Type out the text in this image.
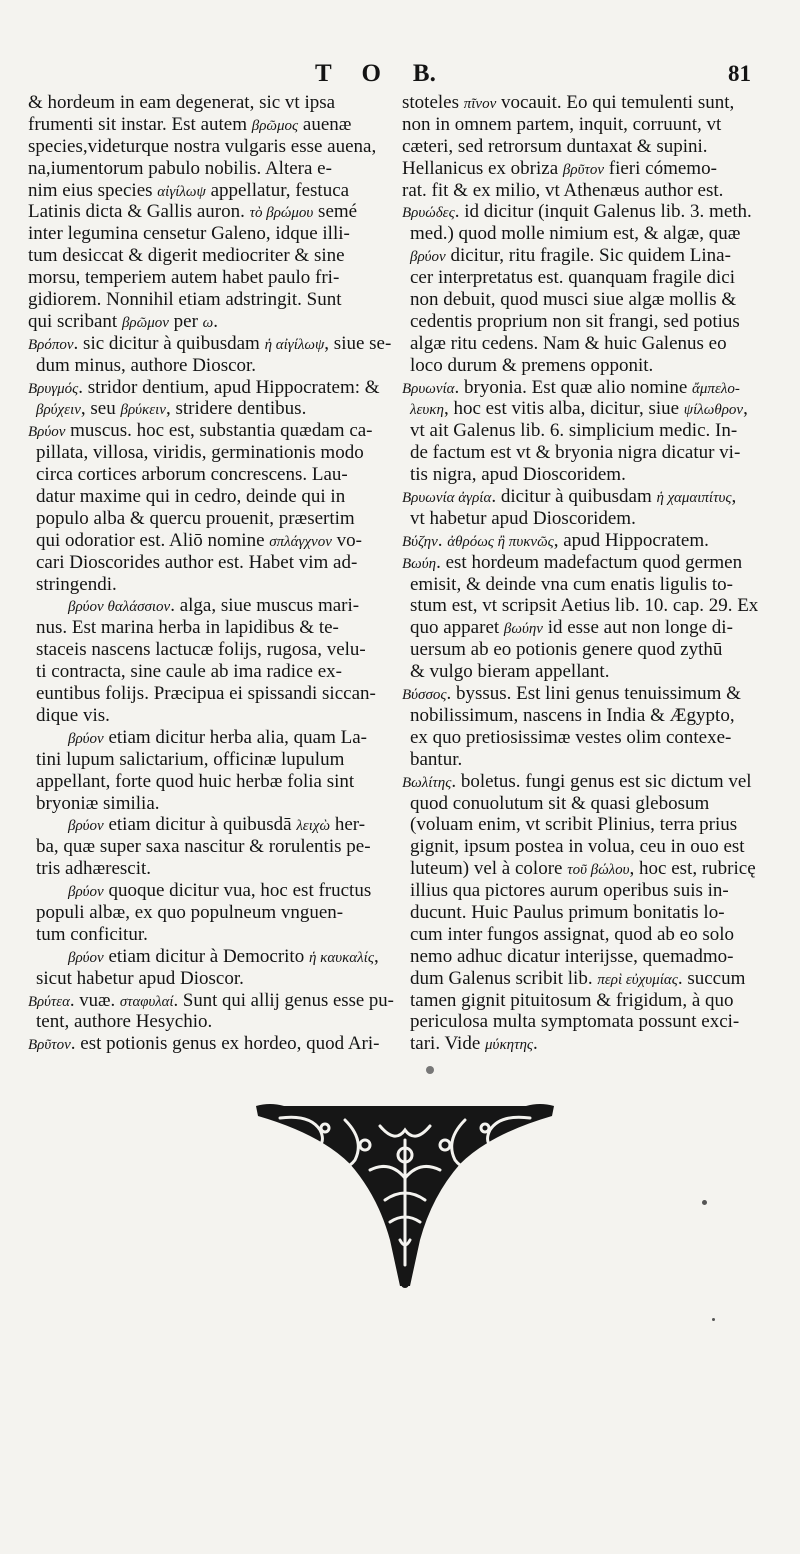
T O B.	81
& hordeum in eam degenerat, sic vt ipsa
frumenti sit instar. Est autem βρῶμος auenæ
species,videturque nostra vulgaris esse auena,
na,iumentorum pabulo nobilis. Altera e-
nim eius species αἰγίλωψ appellatur, festuca
Latinis dicta & Gallis auron. τὸ βρώμου semé
inter legumina censetur Galeno, idque illi-
tum desiccat & digerit mediocriter & sine
morsu, temperiem autem habet paulo fri-
gidiorem. Nonnihil etiam adstringit. Sunt
qui scribant βρῶμον per ω.
Βρόπον. sic dicitur à quibusdam ἡ αἰγίλωψ, siue se-
dum minus, authore Dioscor.
Βρυγμός. stridor dentium, apud Hippocratem: &
βρύχειν, seu βρύκειν, stridere dentibus.
Βρύον muscus. hoc est, substantia quædam ca-
pillata, villosa, viridis, germinationis modo
circa cortices arborum concrescens. Lau-
datur maxime qui in cedro, deinde qui in
populo alba & quercu prouenit, præsertim
qui odoratior est. Aliō nomine σπλάγχνον vo-
cari Dioscorides author est. Habet vim ad-
stringendi.
βρύον θαλάσσιον. alga, siue muscus mari-
nus. Est marina herba in lapidibus & te-
staceis nascens lactucæ folijs, rugosa, velu-
ti contracta, sine caule ab ima radice ex-
euntibus folijs. Præcipua ei spissandi siccan-
dique vis.
βρύον etiam dicitur herba alia, quam La-
tini lupum salictarium, officinæ lupulum
appellant, forte quod huic herbæ folia sint
bryoniæ similia.
βρύον etiam dicitur à quibusdā λειχὼ her-
ba, quæ super saxa nascitur & rorulentis pe-
tris adhærescit.
βρύον quoque dicitur vua, hoc est fructus
populi albæ, ex quo populneum vnguen-
tum conficitur.
βρύον etiam dicitur à Democrito ἡ καυκαλίς,
sicut habetur apud Dioscor.
Βρύτεα. vuæ. σταφυλαί. Sunt qui allij genus esse pu-
tent, authore Hesychio.
Βρῦτον. est potionis genus ex hordeo, quod Ari-
stoteles πῖνον vocauit. Eo qui temulenti sunt,
non in omnem partem, inquit, corruunt, vt
cæteri, sed retrorsum duntaxat & supini.
Hellanicus ex obriza βρῦτον fieri cómemo-
rat. fit & ex milio, vt Athenæus author est.
Βρυώδες. id dicitur (inquit Galenus lib. 3. meth.
med.) quod molle nimium est, & algæ, quæ
βρύον dicitur, ritu fragile. Sic quidem Lina-
cer interpretatus est. quanquam fragile dici
non debuit, quod musci siue algæ mollis &
cedentis proprium non sit frangi, sed potius
algæ ritu cedens. Nam & huic Galenus eo
loco durum & premens opponit.
Βρυωνία. bryonia. Est quæ alio nomine ἄμπελο-
λευκη, hoc est vitis alba, dicitur, siue ψίλωθρον,
vt ait Galenus lib. 6. simplicium medic. In-
de factum est vt & bryonia nigra dicatur vi-
tis nigra, apud Dioscoridem.
Βρυωνία ἀγρία. dicitur à quibusdam ἡ χαμαιπίτυς,
vt habetur apud Dioscoridem.
Βύζην. ἀθρόως ἢ πυκνῶς, apud Hippocratem.
Βωύη. est hordeum madefactum quod germen
emisit, & deinde vna cum enatis ligulis to-
stum est, vt scripsit Aetius lib. 10. cap. 29. Ex
quo apparet βωύην id esse aut non longe di-
uersum ab eo potionis genere quod zythū
& vulgo bieram appellant.
Βύσσος. byssus. Est lini genus tenuissimum &
nobilissimum, nascens in India & Ægypto,
ex quo pretiosissimæ vestes olim contexe-
bantur.
Βωλίτης. boletus. fungi genus est sic dictum vel
quod conuolutum sit & quasi glebosum
(voluam enim, vt scribit Plinius, terra prius
gignit, ipsum postea in volua, ceu in ouo est
luteum) vel à colore τοῦ βώλου, hoc est, rubricę
illius qua pictores aurum operibus suis in-
ducunt. Huic Paulus primum bonitatis lo-
cum inter fungos assignat, quod ab eo solo
nemo adhuc dicatur interijsse, quemadmo-
dum Galenus scribit lib. περὶ εὐχυμίας. succum
tamen gignit pituitosum & frigidum, à quo
periculosa multa symptomata possunt exci-
tari. Vide μύκητης.
